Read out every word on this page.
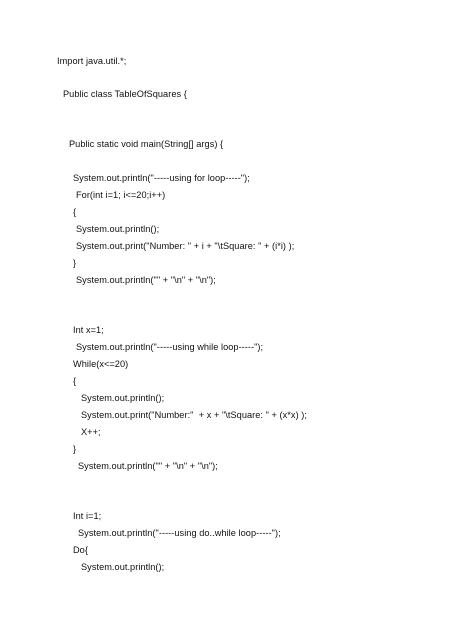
Import java.util.*;
Public class TableOfSquares {
Public static void main(String[] args) {
System.out.println("-----using for loop-----");
For(int i=1; i<=20;i++)
{
System.out.println();
System.out.print("Number: " + i + "\tSquare: " + (i*i) );
}
System.out.println("" + "\n" + "\n");
Int x=1;
System.out.println("-----using while loop-----");
While(x<=20)
{
System.out.println();
System.out.print("Number:"  + x + "\tSquare: " + (x*x) );
X++;
}
System.out.println("" + "\n" + "\n");
Int i=1;
System.out.println("-----using do..while loop-----");
Do{
System.out.println();
